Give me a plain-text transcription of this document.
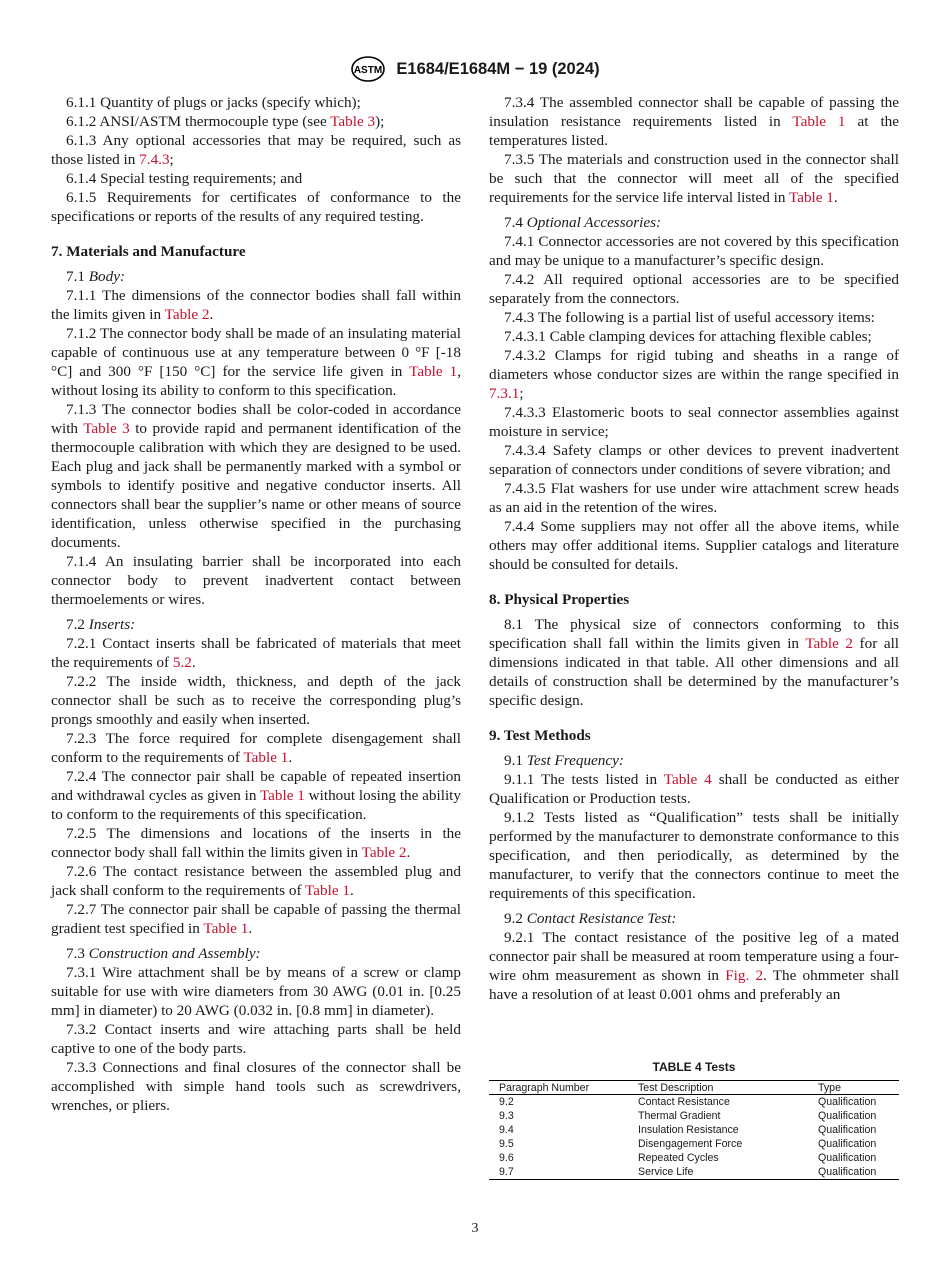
ASTM E1684/E1684M − 19 (2024)

6.1.1 Quantity of plugs or jacks (specify which);

6.1.2 ANSI/ASTM thermocouple type (see Table 3);

6.1.3 Any optional accessories that may be required, such as those listed in 7.4.3;

6.1.4 Special testing requirements; and

6.1.5 Requirements for certificates of conformance to the specifications or reports of the results of any required testing.

7. Materials and Manufacture

7.1 Body:

7.1.1 The dimensions of the connector bodies shall fall within the limits given in Table 2.

7.1.2 The connector body shall be made of an insulating material capable of continuous use at any temperature between 0 °F [-18 °C] and 300 °F [150 °C] for the service life given in Table 1, without losing its ability to conform to this specification.

7.1.3 The connector bodies shall be color-coded in accordance with Table 3 to provide rapid and permanent identification of the thermocouple calibration with which they are designed to be used. Each plug and jack shall be permanently marked with a symbol or symbols to identify positive and negative conductor inserts. All connectors shall bear the supplier’s name or other means of source identification, unless otherwise specified in the purchasing documents.

7.1.4 An insulating barrier shall be incorporated into each connector body to prevent inadvertent contact between thermoelements or wires.

7.2 Inserts:

7.2.1 Contact inserts shall be fabricated of materials that meet the requirements of 5.2.

7.2.2 The inside width, thickness, and depth of the jack connector shall be such as to receive the corresponding plug’s prongs smoothly and easily when inserted.

7.2.3 The force required for complete disengagement shall conform to the requirements of Table 1.

7.2.4 The connector pair shall be capable of repeated insertion and withdrawal cycles as given in Table 1 without losing the ability to conform to the requirements of this specification.

7.2.5 The dimensions and locations of the inserts in the connector body shall fall within the limits given in Table 2.

7.2.6 The contact resistance between the assembled plug and jack shall conform to the requirements of Table 1.

7.2.7 The connector pair shall be capable of passing the thermal gradient test specified in Table 1.

7.3 Construction and Assembly:

7.3.1 Wire attachment shall be by means of a screw or clamp suitable for use with wire diameters from 30 AWG (0.01 in. [0.25 mm] in diameter) to 20 AWG (0.032 in. [0.8 mm] in diameter).

7.3.2 Contact inserts and wire attaching parts shall be held captive to one of the body parts.

7.3.3 Connections and final closures of the connector shall be accomplished with simple hand tools such as screwdrivers, wrenches, or pliers.

7.3.4 The assembled connector shall be capable of passing the insulation resistance requirements listed in Table 1 at the temperatures listed.

7.3.5 The materials and construction used in the connector shall be such that the connector will meet all of the specified requirements for the service life interval listed in Table 1.

7.4 Optional Accessories:

7.4.1 Connector accessories are not covered by this specification and may be unique to a manufacturer’s specific design.

7.4.2 All required optional accessories are to be specified separately from the connectors.

7.4.3 The following is a partial list of useful accessory items:

7.4.3.1 Cable clamping devices for attaching flexible cables;

7.4.3.2 Clamps for rigid tubing and sheaths in a range of diameters whose conductor sizes are within the range specified in 7.3.1;

7.4.3.3 Elastomeric boots to seal connector assemblies against moisture in service;

7.4.3.4 Safety clamps or other devices to prevent inadvertent separation of connectors under conditions of severe vibration; and

7.4.3.5 Flat washers for use under wire attachment screw heads as an aid in the retention of the wires.

7.4.4 Some suppliers may not offer all the above items, while others may offer additional items. Supplier catalogs and literature should be consulted for details.

8. Physical Properties

8.1 The physical size of connectors conforming to this specification shall fall within the limits given in Table 2 for all dimensions indicated in that table. All other dimensions and all details of construction shall be determined by the manufacturer’s specific design.

9. Test Methods

9.1 Test Frequency:

9.1.1 The tests listed in Table 4 shall be conducted as either Qualification or Production tests.

9.1.2 Tests listed as “Qualification” tests shall be initially performed by the manufacturer to demonstrate conformance to this specification, and then periodically, as determined by the manufacturer, to verify that the connectors continue to meet the requirements of this specification.

9.2 Contact Resistance Test:

9.2.1 The contact resistance of the positive leg of a mated connector pair shall be measured at room temperature using a four-wire ohm measurement as shown in Fig. 2. The ohmmeter shall have a resolution of at least 0.001 ohms and preferably an

TABLE 4 Tests
Paragraph Number	Test Description	Type
9.2	Contact Resistance	Qualification
9.3	Thermal Gradient	Qualification
9.4	Insulation Resistance	Qualification
9.5	Disengagement Force	Qualification
9.6	Repeated Cycles	Qualification
9.7	Service Life	Qualification
3
